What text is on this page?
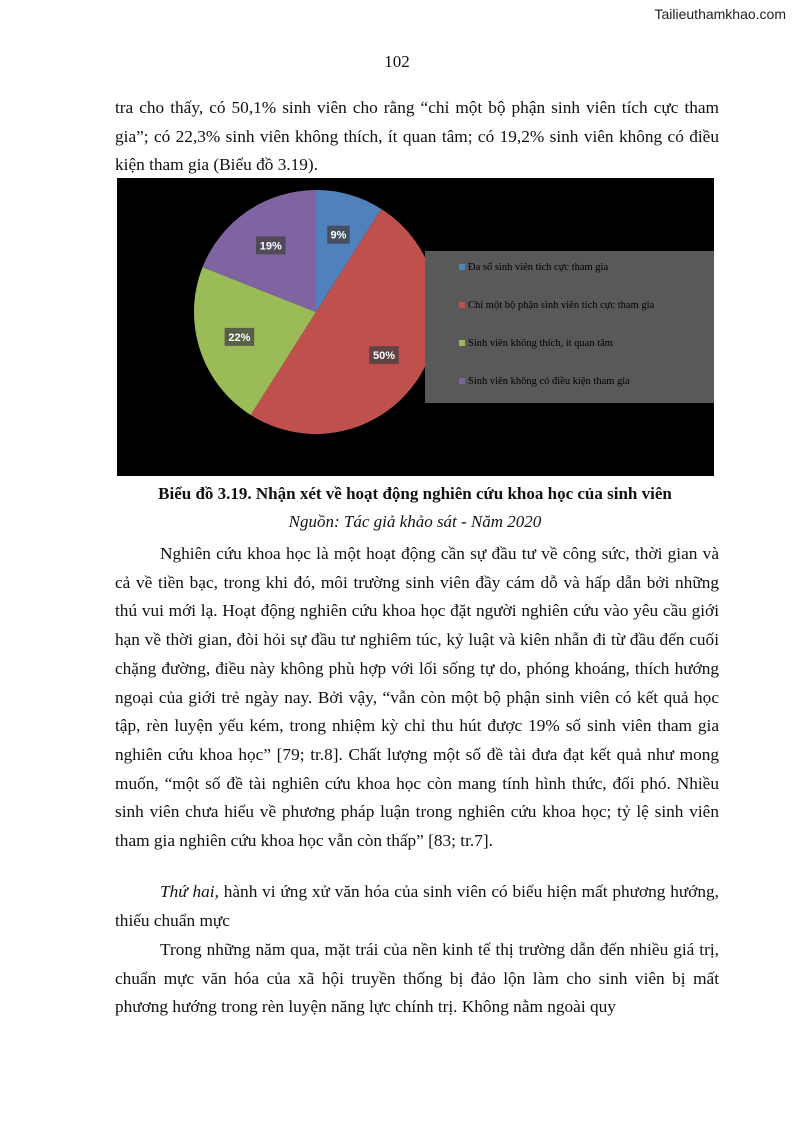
Tailieuthamkhao.com
102

tra cho thấy, có 50,1% sinh viên cho rằng “chỉ một bộ phận sinh viên tích cực tham gia”; có 22,3% sinh viên không thích, ít quan tâm; có 19,2% sinh viên không có điều kiện tham gia (Biểu đồ 3.19).

Đa số sinh viên tích cực tham gia
Chỉ một bộ phận sinh viên tích cực tham gia
Sinh viên không thích, ít quan tâm
Sinh viên không có điều kiện tham gia
9%
50%
22%
19%

Biểu đồ 3.19. Nhận xét về hoạt động nghiên cứu khoa học của sinh viên

Nguồn: Tác giả khảo sát - Năm 2020

Nghiên cứu khoa học là một hoạt động cần sự đầu tư về công sức, thời gian và cả về tiền bạc, trong khi đó, môi trường sinh viên đầy cám dỗ và hấp dẫn bởi những thú vui mới lạ. Hoạt động nghiên cứu khoa học đặt người nghiên cứu vào yêu cầu giới hạn về thời gian, đòi hỏi sự đầu tư nghiêm túc, kỷ luật và kiên nhẫn đi từ đầu đến cuối chặng đường, điều này không phù hợp với lối sống tự do, phóng khoáng, thích hướng ngoại của giới trẻ ngày nay. Bởi vậy, “vẫn còn một bộ phận sinh viên có kết quả học tập, rèn luyện yếu kém, trong nhiệm kỳ chỉ thu hút được 19% số sinh viên tham gia nghiên cứu khoa học” [79; tr.8]. Chất lượng một số đề tài đưa đạt kết quả như mong muốn, “một số đề tài nghiên cứu khoa học còn mang tính hình thức, đối phó. Nhiều sinh viên chưa hiểu về phương pháp luận trong nghiên cứu khoa học; tỷ lệ sinh viên tham gia nghiên cứu khoa học vẫn còn thấp” [83; tr.7].

Thứ hai, hành vi ứng xử văn hóa của sinh viên có biểu hiện mất phương hướng, thiếu chuẩn mực

Trong những năm qua, mặt trái của nền kinh tế thị trường dẫn đến nhiều giá trị, chuẩn mực văn hóa của xã hội truyền thống bị đảo lộn làm cho sinh viên bị mất phương hướng trong rèn luyện năng lực chính trị. Không nằm ngoài quy
